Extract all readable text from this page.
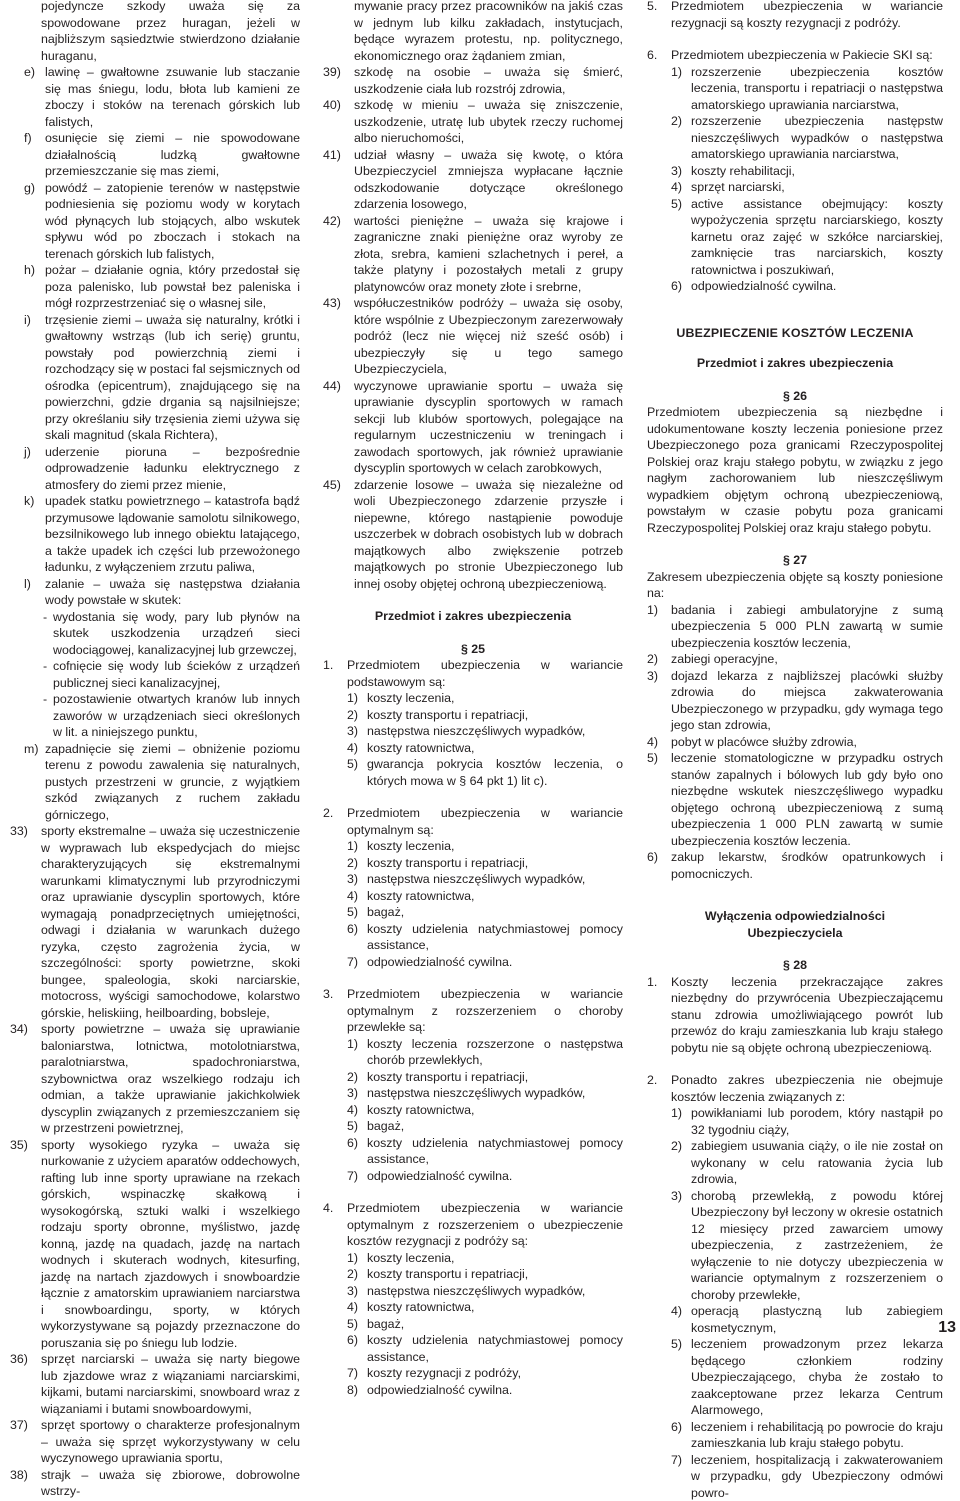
pojedyncze szkody uważa się za spowodowane przez huragan, jeżeli w najbliższym sąsiedztwie stwierdzono działanie huraganu,

e) lawinę – gwałtowne zsuwanie lub staczanie się mas śniegu, lodu, błota lub kamieni ze zboczy i stoków na terenach górskich lub falistych,
f) osunięcie się ziemi – nie spowodowane działalnością ludzką gwałtowne przemieszczanie się mas ziemi,
g) powódź – zatopienie terenów w następstwie podniesienia się poziomu wody w korytach wód płynących lub stojących, albo wskutek spływu wód po zboczach i stokach na terenach górskich lub falistych,
h) pożar – działanie ognia, który przedostał się poza palenisko, lub powstał bez paleniska i mógł rozprzestrzeniać się o własnej sile,
i) trzęsienie ziemi – uważa się naturalny, krótki i gwałtowny wstrząs (lub ich serię) gruntu, powstały pod powierzchnią ziemi i rozchodzący się w postaci fal sejsmicznych od ośrodka (epicentrum), znajdującego się na powierzchni, gdzie drgania są najsilniejsze; przy określaniu siły trzęsienia ziemi używa się skali magnitud (skala Richtera),
j) uderzenie pioruna – bezpośrednie odprowadzenie ładunku elektrycznego z atmosfery do ziemi przez mienie,
k) upadek statku powietrznego – katastrofa bądź przymusowe lądowanie samolotu silnikowego, bezsilnikowego lub innego obiektu latającego, a także upadek ich części lub przewożonego ładunku, z wyłączeniem zrzutu paliwa,
l) zalanie – uważa się następstwa działania wody powstałe w skutek:
- wydostania się wody, pary lub płynów na skutek uszkodzenia urządzeń sieci wodociągowej, kanalizacyjnej lub grzewczej,
- cofnięcie się wody lub ścieków z urządzeń publicznej sieci kanalizacyjnej,
- pozostawienie otwartych kranów lub innych zaworów w urządzeniach sieci określonych w lit. a niniejszego punktu,
m) zapadnięcie się ziemi – obniżenie poziomu terenu z powodu zawalenia się naturalnych, pustych przestrzeni w gruncie, z wyjątkiem szkód związanych z ruchem zakładu górniczego,
33) sporty ekstremalne – uważa się uczestniczenie w wyprawach lub ekspedycjach do miejsc charakteryzujących się ekstremalnymi warunkami klimatycznymi lub przyrodniczymi oraz uprawianie dyscyplin sportowych, które wymagają ponadprzeciętnych umiejętności, odwagi i działania w warunkach dużego ryzyka, często zagrożenia życia, w szczególności: sporty powietrzne, skoki bungee, spaleologia, skoki narciarskie, motocross, wyścigi samochodowe, kolarstwo górskie, heliskiing, heilboarding, bobsleje,
34) sporty powietrzne – uważa się uprawianie baloniarstwa, lotnictwa, motolotniarstwa, paralotniarstwa, spadochroniarstwa, szybownictwa oraz wszelkiego rodzaju ich odmian, a także uprawianie jakichkolwiek dyscyplin związanych z przemieszczaniem się w przestrzeni powietrznej,
35) sporty wysokiego ryzyka – uważa się nurkowanie z użyciem aparatów oddechowych, rafting lub inne sporty uprawiane na rzekach górskich, wspinaczkę skałkową i wysokogórską, sztuki walki i wszelkiego rodzaju sporty obronne, myślistwo, jazdę konną, jazdę na quadach, jazdę na nartach wodnych i skuterach wodnych, kitesurfing, jazdę na nartach zjazdowych i snowboardzie łącznie z amatorskim uprawianiem narciarstwa i snowboardingu, sporty, w których wykorzystywane są pojazdy przeznaczone do poruszania się po śniegu lub lodzie.
36) sprzęt narciarski – uważa się narty biegowe lub zjazdowe wraz z wiązaniami narciarskimi, kijkami, butami narciarskimi, snowboard wraz z wiązaniami i butami snowboardowymi,
37) sprzęt sportowy o charakterze profesjonalnym – uważa się sprzęt wykorzystywany w celu wyczynowego uprawiania sportu,
38) strajk – uważa się zbiorowe, dobrowolne wstrzy-

mywanie pracy przez pracowników na jakiś czas w jednym lub kilku zakładach, instytucjach, będące wyrazem protestu, np. politycznego, ekonomicznego oraz żądaniem zmian,

39) szkodę na osobie – uważa się śmierć, uszkodzenie ciała lub rozstrój zdrowia,
40) szkodę w mieniu – uważa się zniszczenie, uszkodzenie, utratę lub ubytek rzeczy ruchomej albo nieruchomości,
41) udział własny – uważa się kwotę, o która Ubezpieczyciel zmniejsza wypłacane łącznie odszkodowanie dotyczące określonego zdarzenia losowego,
42) wartości pieniężne – uważa się krajowe i zagraniczne znaki pieniężne oraz wyroby ze złota, srebra, kamieni szlachetnych i pereł, a także platyny i pozostałych metali z grupy platynowców oraz monety złote i srebrne,
43) współuczestników podróży – uważa się osoby, które wspólnie z Ubezpieczonym zarezerwowały podróż (lecz nie więcej niż sześć osób) i ubezpieczyły się u tego samego Ubezpieczyciela,
44) wyczynowe uprawianie sportu – uważa się uprawianie dyscyplin sportowych w ramach sekcji lub klubów sportowych, polegające na regularnym uczestniczeniu w treningach i zawodach sportowych, jak również uprawianie dyscyplin sportowych w celach zarobkowych,
45) zdarzenie losowe – uważa się niezależne od woli Ubezpieczonego zdarzenie przyszłe i niepewne, którego nastąpienie powoduje uszczerbek w dobrach osobistych lub w dobrach majątkowych albo zwiększenie potrzeb majątkowych po stronie Ubezpieczonego lub innej osoby objętej ochroną ubezpieczeniową.

Przedmiot i zakres ubezpieczenia

§ 25

1. Przedmiotem ubezpieczenia w wariancie podstawowym są:
1) koszty leczenia,
2) koszty transportu i repatriacji,
3) następstwa nieszczęśliwych wypadków,
4) koszty ratownictwa,
5) gwarancja pokrycia kosztów leczenia, o których mowa w § 64 pkt 1) lit c).
2. Przedmiotem ubezpieczenia w wariancie optymalnym są:
1) koszty leczenia,
2) koszty transportu i repatriacji,
3) następstwa nieszczęśliwych wypadków,
4) koszty ratownictwa,
5) bagaż,
6) koszty udzielenia natychmiastowej pomocy assistance,
7) odpowiedzialność cywilna.
3. Przedmiotem ubezpieczenia w wariancie optymalnym z rozszerzeniem o choroby przewlekłe są:
1) koszty leczenia rozszerzone o następstwa chorób przewlekłych,
2) koszty transportu i repatriacji,
3) następstwa nieszczęśliwych wypadków,
4) koszty ratownictwa,
5) bagaż,
6) koszty udzielenia natychmiastowej pomocy assistance,
7) odpowiedzialność cywilna.
4. Przedmiotem ubezpieczenia w wariancie optymalnym z rozszerzeniem o ubezpieczenie kosztów rezygnacji z podróży są:
1) koszty leczenia,
2) koszty transportu i repatriacji,
3) następstwa nieszczęśliwych wypadków,
4) koszty ratownictwa,
5) bagaż,
6) koszty udzielenia natychmiastowej pomocy assistance,
7) koszty rezygnacji z podróży,
8) odpowiedzialność cywilna.
5. Przedmiotem ubezpieczenia w wariancie rezygnacji są koszty rezygnacji z podróży.
6. Przedmiotem ubezpieczenia w Pakiecie SKI są:
1) rozszerzenie ubezpieczenia kosztów leczenia, transportu i repatriacji o następstwa amatorskiego uprawiania narciarstwa,
2) rozszerzenie ubezpieczenia następstw nieszczęśliwych wypadków o następstwa amatorskiego uprawiania narciarstwa,
3) koszty rehabilitacji,
4) sprzęt narciarski,
5) active assistance obejmujący: koszty wypożyczenia sprzętu narciarskiego, koszty karnetu oraz zajęć w szkółce narciarskiej, zamknięcie tras narciarskich, koszty ratownictwa i poszukiwań,
6) odpowiedzialność cywilna.

UBEZPIECZENIE KOSZTÓW LECZENIA

Przedmiot i zakres ubezpieczenia

§ 26

Przedmiotem ubezpieczenia są niezbędne i udokumentowane koszty leczenia poniesione przez Ubezpieczonego poza granicami Rzeczypospolitej Polskiej oraz kraju stałego pobytu, w związku z jego nagłym zachorowaniem lub nieszczęśliwym wypadkiem objętym ochroną ubezpieczeniową, powstałym w czasie pobytu poza granicami Rzeczypospolitej Polskiej oraz kraju stałego pobytu.

§ 27

Zakresem ubezpieczenia objęte są koszty poniesione na:

1) badania i zabiegi ambulatoryjne z sumą ubezpieczenia 5 000 PLN zawartą w sumie ubezpieczenia kosztów leczenia,
2) zabiegi operacyjne,
3) dojazd lekarza z najbliższej placówki służby zdrowia do miejsca zakwaterowania Ubezpieczonego w przypadku, gdy wymaga tego jego stan zdrowia,
4) pobyt w placówce służby zdrowia,
5) leczenie stomatologiczne w przypadku ostrych stanów zapalnych i bólowych lub gdy było ono niezbędne wskutek nieszczęśliwego wypadku objętego ochroną ubezpieczeniową z sumą ubezpieczenia 1 000 PLN zawartą w sumie ubezpieczenia kosztów leczenia.
6) zakup lekarstw, środków opatrunkowych i pomocniczych.

Wyłączenia odpowiedzialności

Ubezpieczyciela

§ 28

1. Koszty leczenia przekraczające zakres niezbędny do przywrócenia Ubezpieczającemu stanu zdrowia umożliwiającego powrót lub przewóz do kraju zamieszkania lub kraju stałego pobytu nie są objęte ochroną ubezpieczeniową.
2. Ponadto zakres ubezpieczenia nie obejmuje kosztów leczenia związanych z:
1) powikłaniami lub porodem, który nastąpił po 32 tygodniu ciąży,
2) zabiegiem usuwania ciąży, o ile nie został on wykonany w celu ratowania życia lub zdrowia,
3) chorobą przewlekłą, z powodu której Ubezpieczony był leczony w okresie ostatnich 12 miesięcy przed zawarciem umowy ubezpieczenia, z zastrzeżeniem, że wyłączenie to nie dotyczy ubezpieczenia w wariancie optymalnym z rozszerzeniem o choroby przewlekłe,
4) operacją plastyczną lub zabiegiem kosmetycznym,
5) leczeniem prowadzonym przez lekarza będącego członkiem rodziny Ubezpieczającego, chyba że zostało to zaakceptowane przez lekarza Centrum Alarmowego,
6) leczeniem i rehabilitacją po powrocie do kraju zamieszkania lub kraju stałego pobytu.
7) leczeniem, hospitalizacją i zakwaterowaniem w przypadku, gdy Ubezpieczony odmówi powro-
13
